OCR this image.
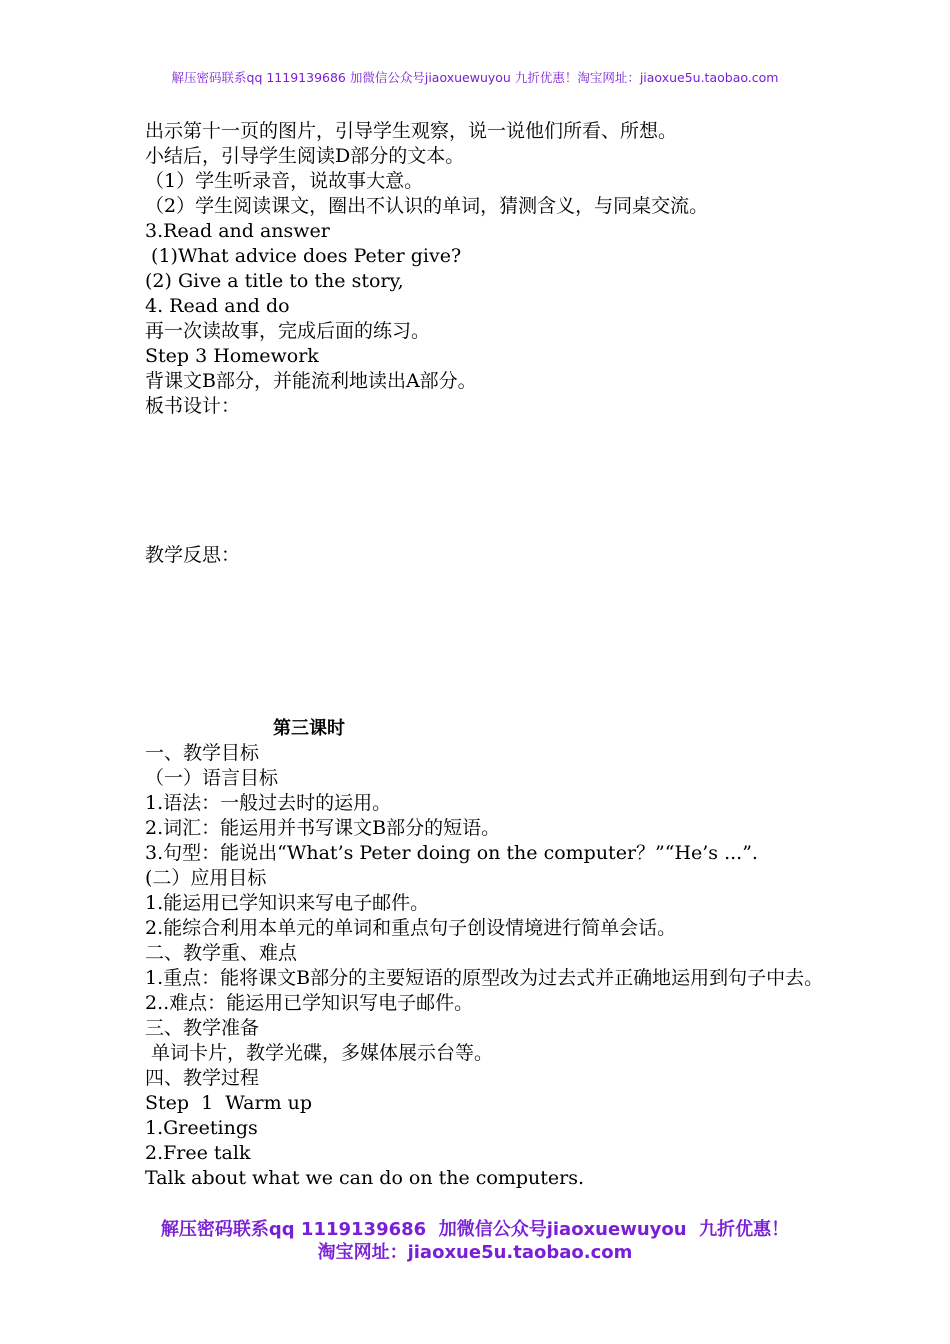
解压密码联系qq 1119139686 加微信公众号jiaoxuewuyou 九折优惠！淘宝网址：jiaoxue5u.taobao.com
出示第十一页的图片，引导学生观察，说一说他们所看、所想。
小结后，引导学生阅读D部分的文本。
（1）学生听录音，说故事大意。
（2）学生阅读课文，圈出不认识的单词，猜测含义，与同桌交流。
3.Read and answer
(1)What advice does Peter give?
(2) Give a title to the story,
4. Read and do
再一次读故事，完成后面的练习。
Step 3 Homework
背课文B部分，并能流利地读出A部分。
板书设计：
教学反思：
第三课时
一、教学目标
（一）语言目标
1.语法：一般过去时的运用。
2.词汇：能运用并书写课文B部分的短语。
3.句型：能说出“What’s Peter doing on the computer？”“He’s ...”.
(二）应用目标
1.能运用已学知识来写电子邮件。
2.能综合利用本单元的单词和重点句子创设情境进行简单会话。
二、教学重、难点
1.重点：能将课文B部分的主要短语的原型改为过去式并正确地运用到句子中去。
2..难点：能运用已学知识写电子邮件。
三、教学准备
单词卡片，教学光碟，多媒体展示台等。
四、教学过程
Step  1  Warm up
1.Greetings
2.Free talk
Talk about what we can do on the computers.
解压密码联系qq 1119139686  加微信公众号jiaoxuewuyou  九折优惠！
淘宝网址：jiaoxue5u.taobao.com
